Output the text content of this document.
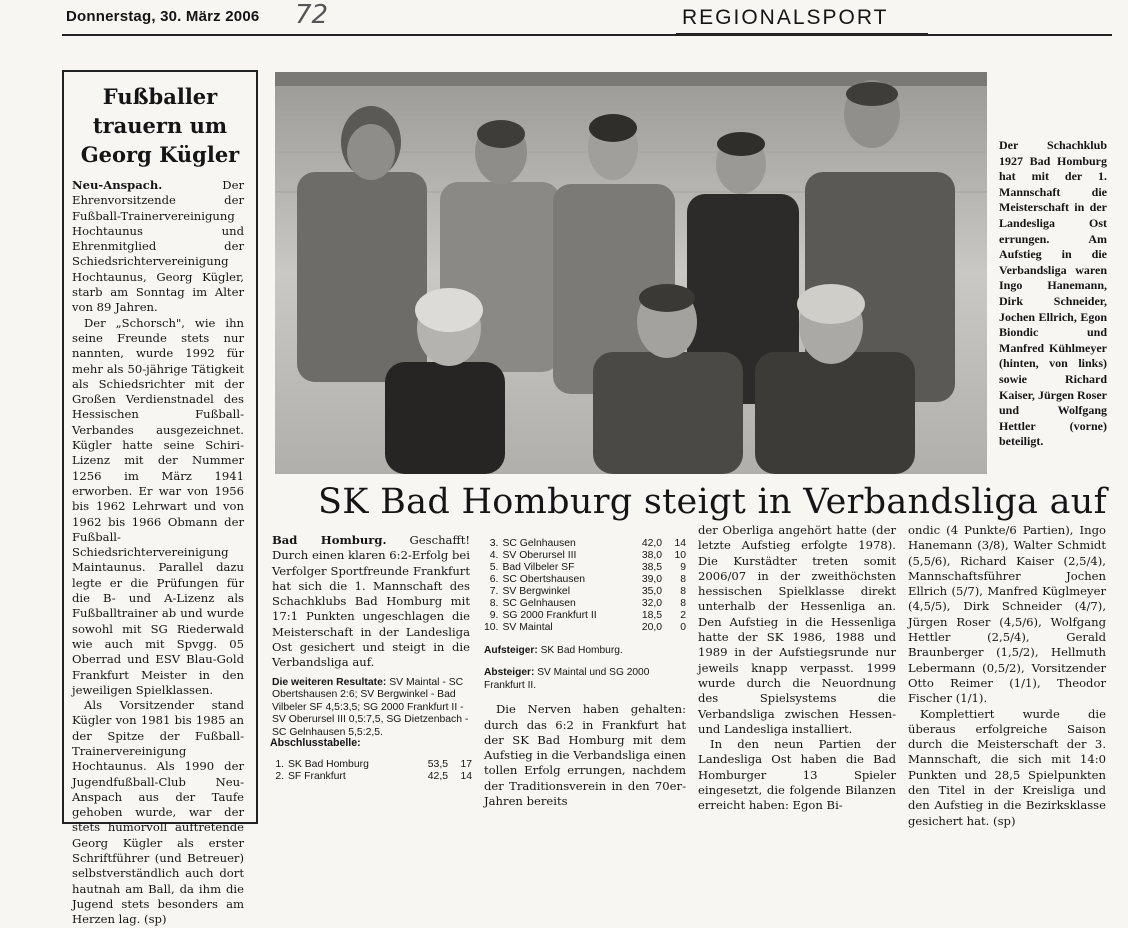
Donnerstag, 30. März 2006 72	REGIONALSPORT
Fußballer
trauern um
Georg Kügler

Neu-Anspach.	Der Ehrenvorsitzende der Fußball-Trainervereinigung Hochtaunus und Ehrenmitglied der Schiedsrichtervereinigung Hochtaunus, Georg Kügler, starb am Sonntag im Alter von 89 Jahren.

Der „Schorsch", wie ihn seine Freunde stets nur nannten, wurde 1992 für mehr als 50-jährige Tätigkeit als Schiedsrichter mit der Großen Verdienstnadel des Hessischen Fußball-Verbandes ausgezeichnet. Kügler hatte seine Schiri-Lizenz mit der Nummer 1256 im März 1941 erworben. Er war von 1956 bis 1962 Lehrwart und von 1962 bis 1966 Obmann der Fußball-Schiedsrichtervereinigung Maintaunus. Parallel dazu legte er die Prüfungen für die B- und A-Lizenz als Fußballtrainer ab und wurde sowohl mit SG Riederwald wie auch mit Spvgg. 05 Oberrad und ESV Blau-Gold Frankfurt Meister in den jeweiligen Spielklassen.

Als Vorsitzender stand Kügler von 1981 bis 1985 an der Spitze der Fußball-Trainervereinigung Hochtaunus. Als 1990 der Jugendfußball-Club Neu-Anspach aus der Taufe gehoben wurde, war der stets humorvoll auftretende Georg Kügler als erster Schriftführer (und Betreuer) selbstverständlich auch dort hautnah am Ball, da ihm die Jugend stets besonders am Herzen lag. (sp)

Der Schachklub 1927 Bad Homburg hat mit der 1. Mannschaft die Meisterschaft in der Landesliga Ost errungen. Am Aufstieg in die Verbandsliga waren Ingo Hanemann, Dirk Schneider, Jochen Ellrich, Egon Biondic und Manfred Kühlmeyer (hinten, von links) sowie Richard Kaiser, Jürgen Roser und Wolfgang Hettler (vorne) beteiligt.
SK Bad Homburg steigt in Verbandsliga auf

Bad Homburg. Geschafft! Durch einen klaren 6:2-Erfolg bei Verfolger Sportfreunde Frankfurt hat sich die 1. Mannschaft des Schachklubs Bad Homburg mit 17:1 Punkten ungeschlagen die Meisterschaft in der Landesliga Ost gesichert und steigt in die Verbandsliga auf.

Die weiteren Resultate: SV Maintal - SC Obertshausen 2:6; SV Bergwinkel - Bad Vilbeler SF 4,5:3,5; SG 2000 Frankfurt II - SV Oberursel III 0,5:7,5, SG Dietzenbach - SC Gelnhausen 5,5:2,5.

Abschlusstabelle:
1.	SK Bad Homburg	53,5	17
2.	SF Frankfurt	42,5	14
3.	SC Gelnhausen	42,0	14
4.	SV Oberursel III	38,0	10
5.	Bad Vilbeler SF	38,5	9
6.	SC Obertshausen	39,0	8
7.	SV Bergwinkel	35,0	8
8.	SC Gelnhausen	32,0	8
9.	SG 2000 Frankfurt II	18,5	2
10.	SV Maintal	20,0	0

Aufsteiger: SK Bad Homburg.

Absteiger: SV Maintal und SG 2000 Frankfurt II.

Die Nerven haben gehalten: durch das 6:2 in Frankfurt hat der SK Bad Homburg mit dem Aufstieg in die Verbandsliga einen tollen Erfolg errungen, nachdem der Traditionsverein in den 70er-Jahren bereits

der Oberliga angehört hatte (der letzte Aufstieg erfolgte 1978). Die Kurstädter treten somit 2006/07 in der zweithöchsten hessischen Spielklasse direkt unterhalb der Hessenliga an. Den Aufstieg in die Hessenliga hatte der SK 1986, 1988 und 1989 in der Aufstiegsrunde nur jeweils knapp verpasst. 1999 wurde durch die Neuordnung des Spielsystems die Verbandsliga zwischen Hessen- und Landesliga installiert.

In den neun Partien der Landesliga Ost haben die Bad Homburger 13 Spieler eingesetzt, die folgende Bilanzen erreicht haben: Egon Bi-

ondic (4 Punkte/6 Partien), Ingo Hanemann (3/8), Walter Schmidt (5,5/6), Richard Kaiser (2,5/4), Mannschaftsführer Jochen Ellrich (5/7), Manfred Küglmeyer (4,5/5), Dirk Schneider (4/7), Jürgen Roser (4,5/6), Wolfgang Hettler (2,5/4), Gerald Braunberger (1,5/2), Hellmuth Lebermann (0,5/2), Vorsitzender Otto Reimer (1/1), Theodor Fischer (1/1).

Komplettiert wurde die überaus erfolgreiche Saison durch die Meisterschaft der 3. Mannschaft, die sich mit 14:0 Punkten und 28,5 Spielpunkten den Titel in der Kreisliga und den Aufstieg in die Bezirksklasse gesichert hat. (sp)
